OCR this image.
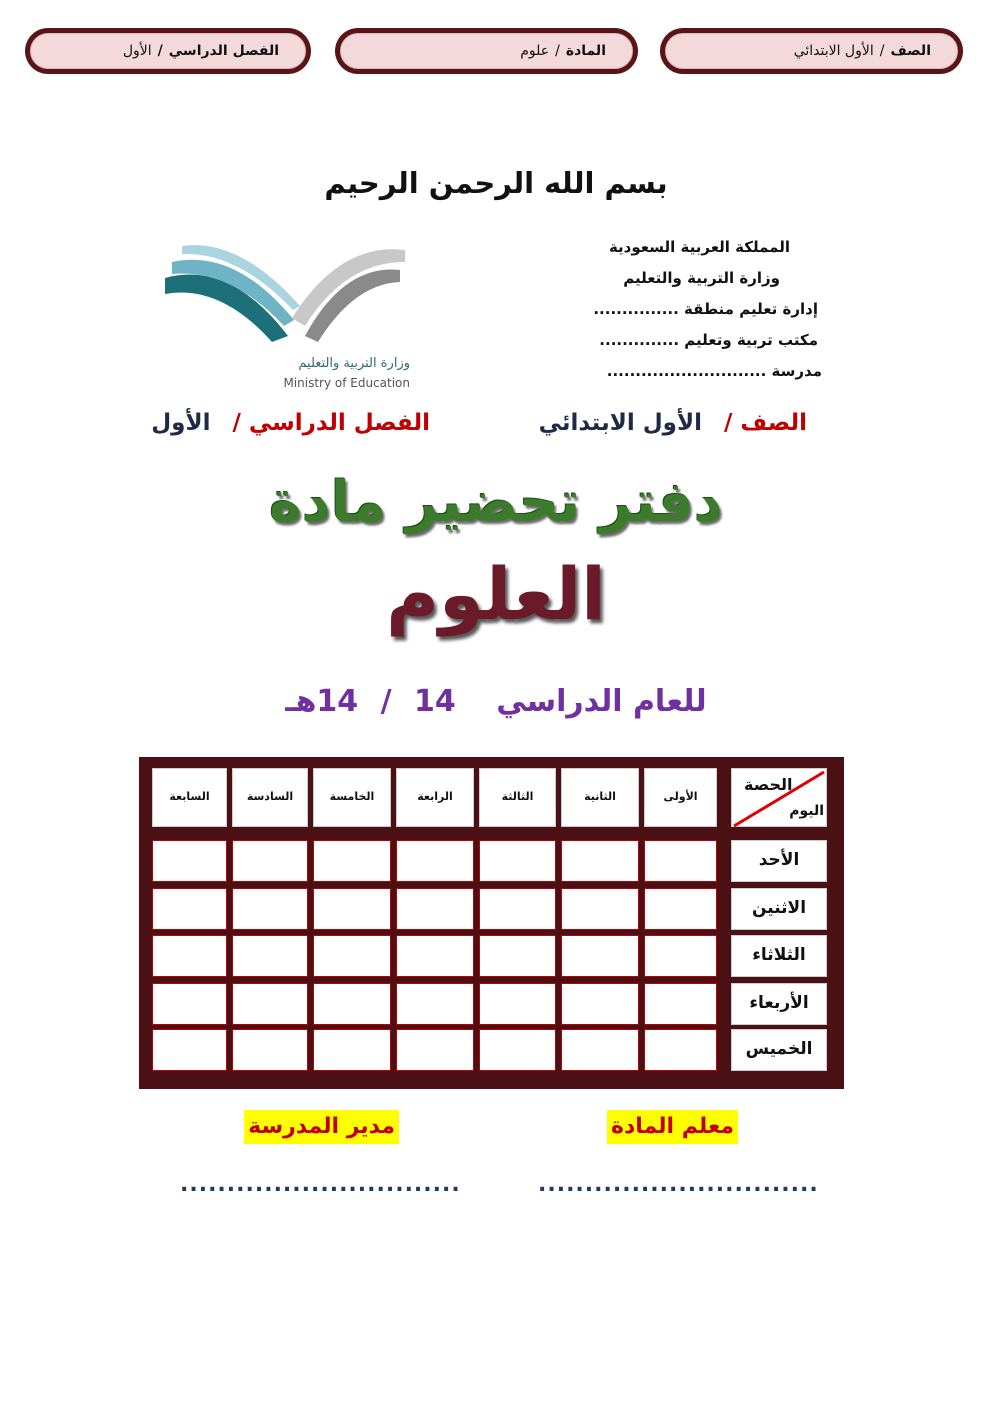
الصف
/
الأول الابتدائي
المادة
/
علوم
الفصل الدراسي
/
الأول
بسم الله الرحمن الرحيم
المملكة العربية السعودية
وزارة التربية والتعليم
إدارة تعليم منطقة ...............
مكتب تربية وتعليم ..............
مدرسة ............................
وزارة التربية والتعليم
Ministry of Education
الصف / الأول الابتدائي
الفصل الدراسي / الأول
دفتر تحضير مادة
العلوم
للعام الدراسي 14 / 14هـ
الحصة
اليوم
الأولى
الثانية
الثالثة
الرابعة
الخامسة
السادسة
السابعة
الأحد
الاثنين
الثلاثاء
الأربعاء
الخميس
معلم المادة
مدير المدرسة
..............................
..............................
